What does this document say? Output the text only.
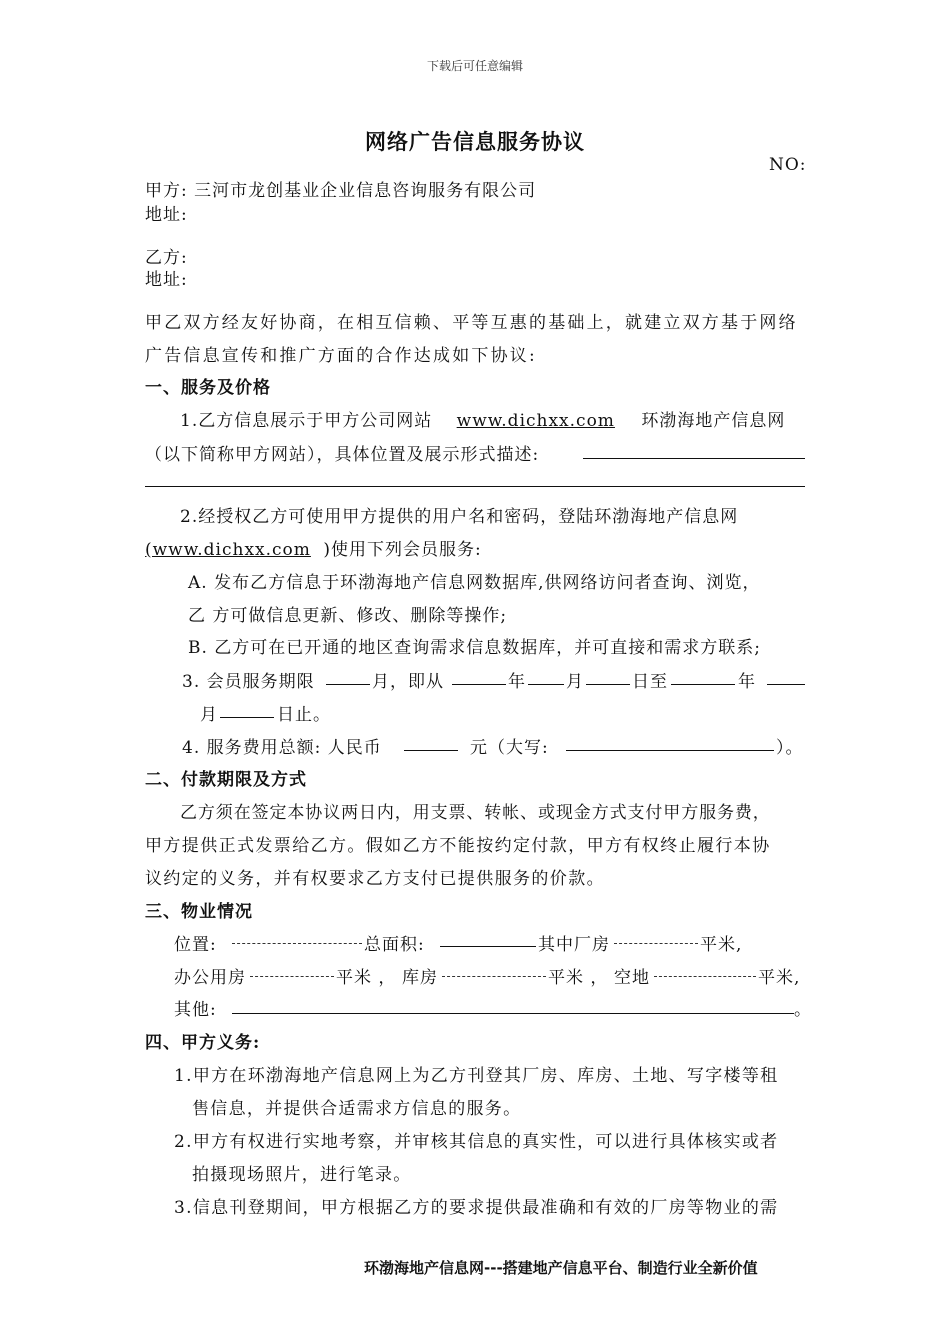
下载后可任意编辑
网络广告信息服务协议
NO:
甲方: 三河市龙创基业企业信息咨询服务有限公司
地址:
乙方:
地址:
甲乙双方经友好协商，在相互信赖、平等互惠的基础上，就建立双方基于网络
广告信息宣传和推广方面的合作达成如下协议:
一、服务及价格
1.乙方信息展示于甲方公司网站 www.dichxx.com 环渤海地产信息网
（以下简称甲方网站），具体位置及展示形式描述:
2.经授权乙方可使用甲方提供的用户名和密码，登陆环渤海地产信息网
(www.dichxx.com )使用下列会员服务:
A. 发布乙方信息于环渤海地产信息网数据库,供网络访问者查询、浏览，
乙 方可做信息更新、修改、删除等操作;
B. 乙方可在已开通的地区查询需求信息数据库，并可直接和需求方联系;
3. 会员服务期限	月，即从	年 月	日至	年
月	日止。
4. 服务费用总额: 人民币	元（大写:	）。
二、付款期限及方式
乙方须在签定本协议两日内，用支票、转帐、或现金方式支付甲方服务费，
甲方提供正式发票给乙方。假如乙方不能按约定付款，甲方有权终止履行本协
议约定的义务，并有权要求乙方支付已提供服务的价款。
三、物业情况
位置:	总面积:	其中厂房	平米,
办公用房	平米 ， 库房	平米 ， 空地	平米,
其他:	。
四、甲方义务:
1.甲方在环渤海地产信息网上为乙方刊登其厂房、库房、土地、写字楼等租
售信息，并提供合适需求方信息的服务。
2.甲方有权进行实地考察，并审核其信息的真实性，可以进行具体核实或者
拍摄现场照片，进行笔录。
3.信息刊登期间，甲方根据乙方的要求提供最准确和有效的厂房等物业的需
环渤海地产信息网---搭建地产信息平台、制造行业全新价值
